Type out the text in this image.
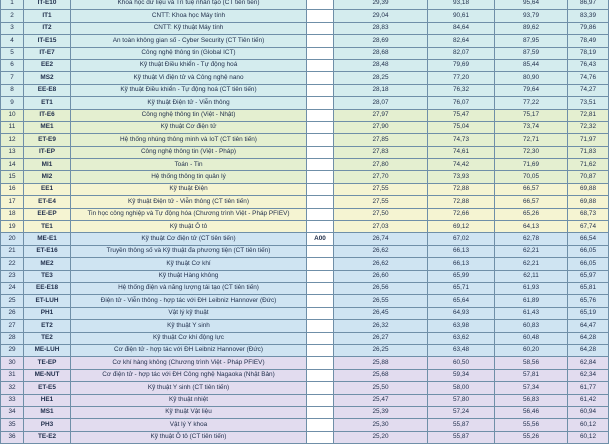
1	IT-E10	Khoa học dữ liệu và Trí tuệ nhân tạo (CT tiên tiến)		29,39	93,18	95,64	86,97
2	IT1	CNTT: Khoa học Máy tính		29,04	90,61	93,79	83,39
3	IT2	CNTT: Kỹ thuật Máy tính		28,83	84,64	89,62	79,86
4	IT-E15	An toàn không gian số - Cyber Security (CT Tiên tiến)		28,69	82,64	87,95	78,49
5	IT-E7	Công nghệ thông tin (Global ICT)		28,68	82,07	87,59	78,19
6	EE2	Kỹ thuật Điều khiển - Tự động hoá		28,48	79,69	85,44	76,43
7	MS2	Kỹ thuật Vi điện tử và Công nghệ nano		28,25	77,20	80,90	74,76
8	EE-E8	Kỹ thuật Điều khiển - Tự động hoá (CT tiên tiến)		28,18	76,32	79,64	74,27
9	ET1	Kỹ thuật Điện tử - Viễn thông		28,07	76,07	77,22	73,51
10	IT-E6	Công nghệ thông tin (Việt - Nhật)		27,97	75,47	75,17	72,81
11	ME1	Kỹ thuật Cơ điện tử		27,90	75,04	73,74	72,32
12	ET-E9	Hệ thống nhúng thông minh và IoT (CT tiên tiến)		27,85	74,73	72,71	71,97
13	IT-EP	Công nghệ thông tin (Việt - Pháp)		27,83	74,61	72,30	71,83
14	MI1	Toán - Tin		27,80	74,42	71,69	71,62
15	MI2	Hệ thống thông tin quản lý		27,70	73,93	70,05	70,87
16	EE1	Kỹ thuật Điện		27,55	72,88	66,57	69,88
17	ET-E4	Kỹ thuật Điện tử - Viễn thông (CT tiên tiến)		27,55	72,88	66,57	69,88
18	EE-EP	Tin học công nghiệp và Tự động hóa (Chương trình Việt - Pháp PFIEV)		27,50	72,66	65,26	68,73
19	TE1	Kỹ thuật Ô tô		27,03	69,12	64,13	67,74
20	ME-E1	Kỹ thuật Cơ điện tử (CT tiên tiến)	A00	26,74	67,02	62,78	66,54
21	ET-E16	Truyền thông số và Kỹ thuật đa phương tiện (CT tiên tiến)		26,62	66,13	62,21	66,05
22	ME2	Kỹ thuật Cơ khí		26,62	66,13	62,21	66,05
23	TE3	Kỹ thuật Hàng không		26,60	65,99	62,11	65,97
24	EE-E18	Hệ thống điện và năng lượng tái tạo (CT tiên tiến)		26,56	65,71	61,93	65,81
25	ET-LUH	Điện tử - Viễn thông - hợp tác với ĐH Leibniz Hannover (Đức)		26,55	65,64	61,89	65,76
26	PH1	Vật lý kỹ thuật		26,45	64,93	61,43	65,19
27	ET2	Kỹ thuật Y sinh		26,32	63,98	60,83	64,47
28	TE2	Kỹ thuật Cơ khí động lực		26,27	63,62	60,48	64,28
29	ME-LUH	Cơ điện tử - hợp tác với ĐH Leibniz Hannover (Đức)		26,25	63,48	60,20	64,28
30	TE-EP	Cơ khí hàng không (Chương trình Việt - Pháp PFIEV)		25,88	60,50	58,56	62,84
31	ME-NUT	Cơ điện tử - hợp tác với ĐH Công nghệ Nagaoka (Nhật Bản)		25,68	59,34	57,81	62,34
32	ET-E5	Kỹ thuật Y sinh (CT tiên tiến)		25,50	58,00	57,34	61,77
33	HE1	Kỹ thuật nhiệt		25,47	57,80	56,83	61,42
34	MS1	Kỹ thuật Vật liệu		25,39	57,24	56,46	60,94
35	PH3	Vật lý Y khoa		25,30	55,87	55,56	60,12
36	TE-E2	Kỹ thuật Ô tô (CT tiên tiến)		25,20	55,87	55,26	60,12
